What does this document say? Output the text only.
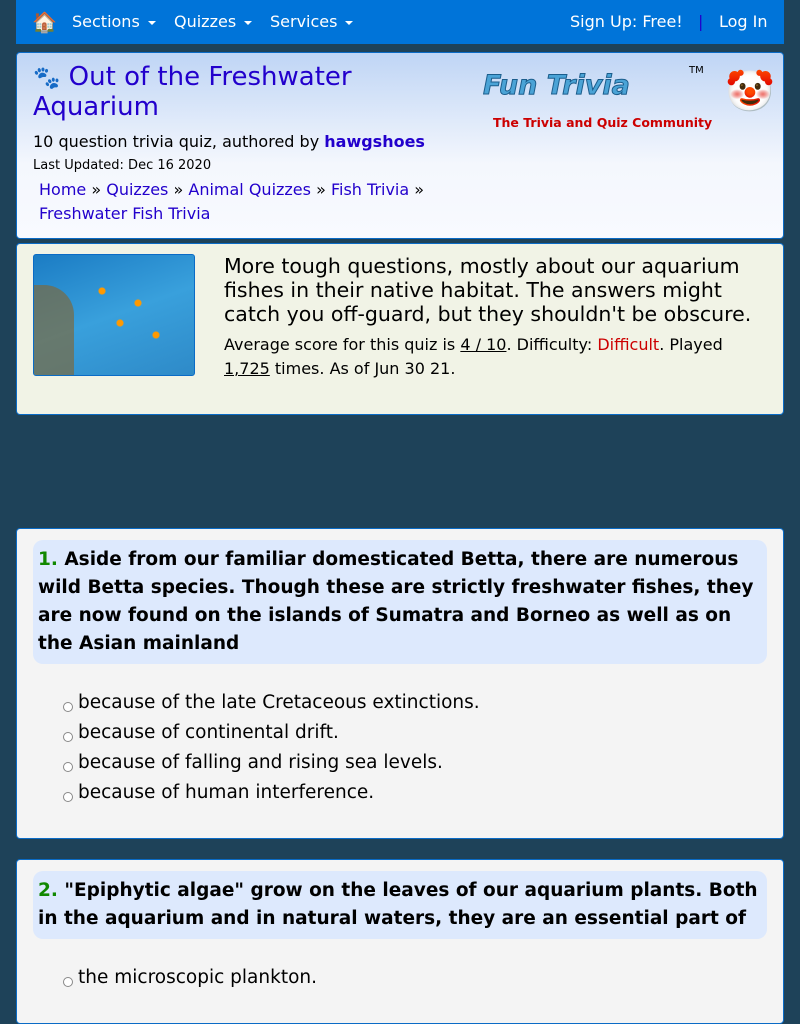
🏠 Sections	Quizzes	Services	Sign Up: Free! | Log In
🐾 Out of the Freshwater Aquarium
10 question trivia quiz, authored by hawgshoes
Last Updated: Dec 16 2020
Home » Quizzes » Animal Quizzes » Fish Trivia »
Freshwater Fish Trivia
Fun Trivia	TM
The Trivia and Quiz Community
🤡
More tough questions, mostly about our aquarium fishes in their native habitat. The answers might catch you off-guard, but they shouldn't be obscure.
Average score for this quiz is 4 / 10. Difficulty: Difficult. Played 1,725 times. As of Jun 30 21.
1. Aside from our familiar domesticated Betta, there are numerous wild Betta species. Though these are strictly freshwater fishes, they are now found on the islands of Sumatra and Borneo as well as on the Asian mainland
because of the late Cretaceous extinctions.
because of continental drift.
because of falling and rising sea levels.
because of human interference.
2. "Epiphytic algae" grow on the leaves of our aquarium plants. Both in the aquarium and in natural waters, they are an essential part of
the microscopic plankton.
